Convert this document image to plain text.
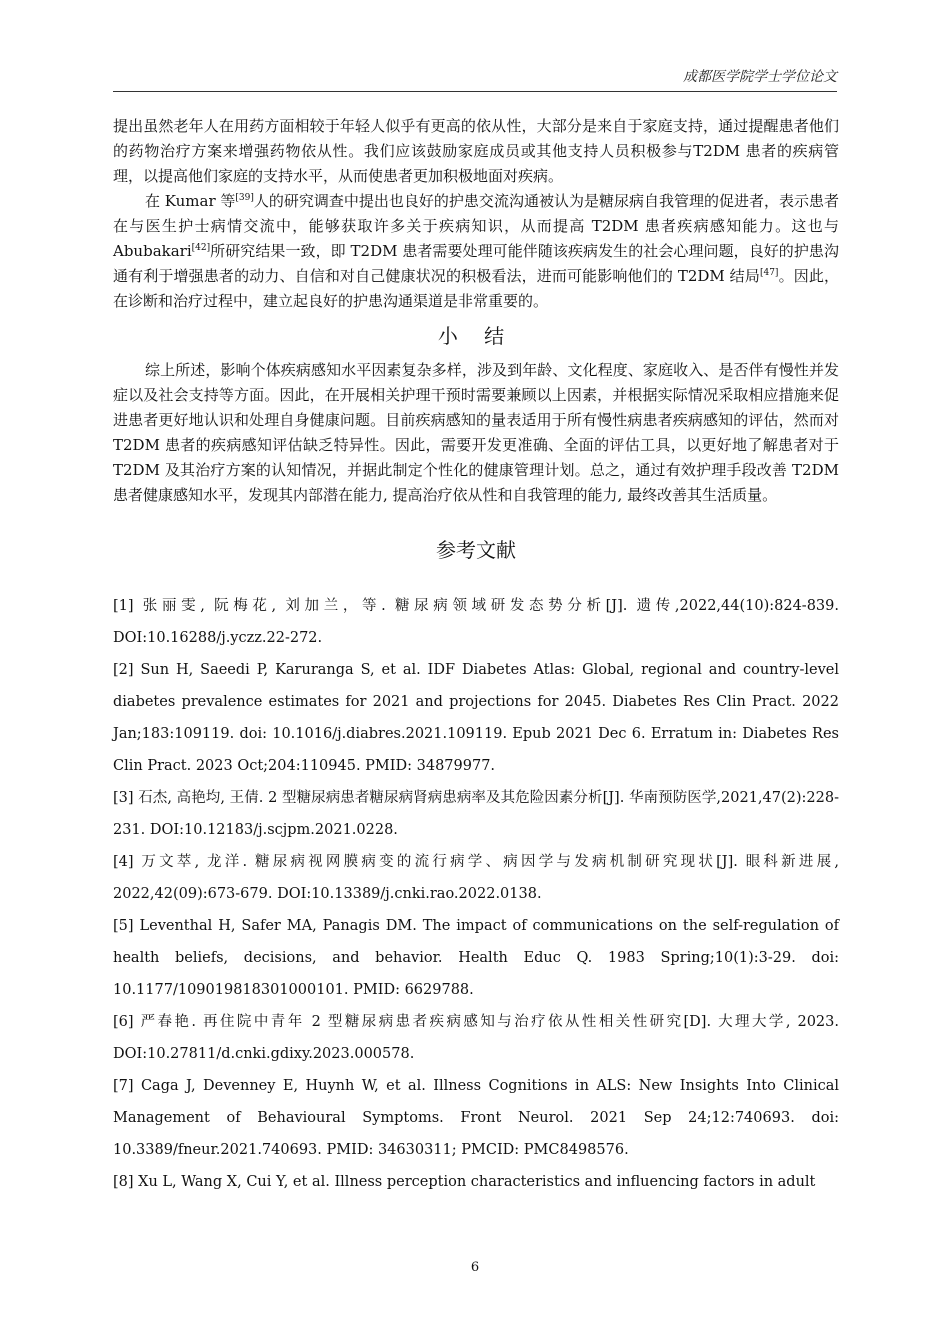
成都医学院学士学位论文

提出虽然老年人在用药方面相较于年轻人似乎有更高的依从性，大部分是来自于家庭支持，通过提醒患者他们的药物治疗方案来增强药物依从性。我们应该鼓励家庭成员或其他支持人员积极参与T2DM 患者的疾病管理，以提高他们家庭的支持水平，从而使患者更加积极地面对疾病。

在 Kumar 等[39]人的研究调查中提出也良好的护患交流沟通被认为是糖尿病自我管理的促进者，表示患者在与医生护士病情交流中，能够获取许多关于疾病知识，从而提高 T2DM 患者疾病感知能力。这也与 Abubakari[42]所研究结果一致，即 T2DM 患者需要处理可能伴随该疾病发生的社会心理问题，良好的护患沟通有利于增强患者的动力、自信和对自己健康状况的积极看法，进而可能影响他们的 T2DM 结局[47]。因此，在诊断和治疗过程中，建立起良好的护患沟通渠道是非常重要的。

小 结

综上所述，影响个体疾病感知水平因素复杂多样，涉及到年龄、文化程度、家庭收入、是否伴有慢性并发症以及社会支持等方面。因此，在开展相关护理干预时需要兼顾以上因素，并根据实际情况采取相应措施来促进患者更好地认识和处理自身健康问题。目前疾病感知的量表适用于所有慢性病患者疾病感知的评估，然而对 T2DM 患者的疾病感知评估缺乏特异性。因此，需要开发更准确、全面的评估工具，以更好地了解患者对于 T2DM 及其治疗方案的认知情况，并据此制定个性化的健康管理计划。总之，通过有效护理手段改善 T2DM 患者健康感知水平，发现其内部潜在能力, 提高治疗依从性和自我管理的能力, 最终改善其生活质量。

参考文献

[1] 张丽雯, 阮梅花, 刘加兰，等. 糖尿病领域研发态势分析[J]. 遗传,2022,44(10):824-839. DOI:10.16288/j.yczz.22-272.

[2] Sun H, Saeedi P, Karuranga S, et al. IDF Diabetes Atlas: Global, regional and country-level diabetes prevalence estimates for 2021 and projections for 2045. Diabetes Res Clin Pract. 2022 Jan;183:109119. doi: 10.1016/j.diabres.2021.109119. Epub 2021 Dec 6. Erratum in: Diabetes Res Clin Pract. 2023 Oct;204:110945. PMID: 34879977.

[3] 石杰, 高艳均, 王倩. 2 型糖尿病患者糖尿病肾病患病率及其危险因素分析[J]. 华南预防医学,2021,47(2):228-231. DOI:10.12183/j.scjpm.2021.0228.

[4] 万文萃, 龙洋. 糖尿病视网膜病变的流行病学、病因学与发病机制研究现状[J]. 眼科新进展, 2022,42(09):673-679. DOI:10.13389/j.cnki.rao.2022.0138.

[5] Leventhal H, Safer MA, Panagis DM. The impact of communications on the self-regulation of health beliefs, decisions, and behavior. Health Educ Q. 1983 Spring;10(1):3-29. doi: 10.1177/109019818301000101. PMID: 6629788.

[6] 严春艳. 再住院中青年 2 型糖尿病患者疾病感知与治疗依从性相关性研究[D]. 大理大学, 2023. DOI:10.27811/d.cnki.gdixy.2023.000578.

[7] Caga J, Devenney E, Huynh W, et al. Illness Cognitions in ALS: New Insights Into Clinical Management of Behavioural Symptoms. Front Neurol. 2021 Sep 24;12:740693. doi: 10.3389/fneur.2021.740693. PMID: 34630311; PMCID: PMC8498576.

[8] Xu L, Wang X, Cui Y, et al. Illness perception characteristics and influencing factors in adult

6
